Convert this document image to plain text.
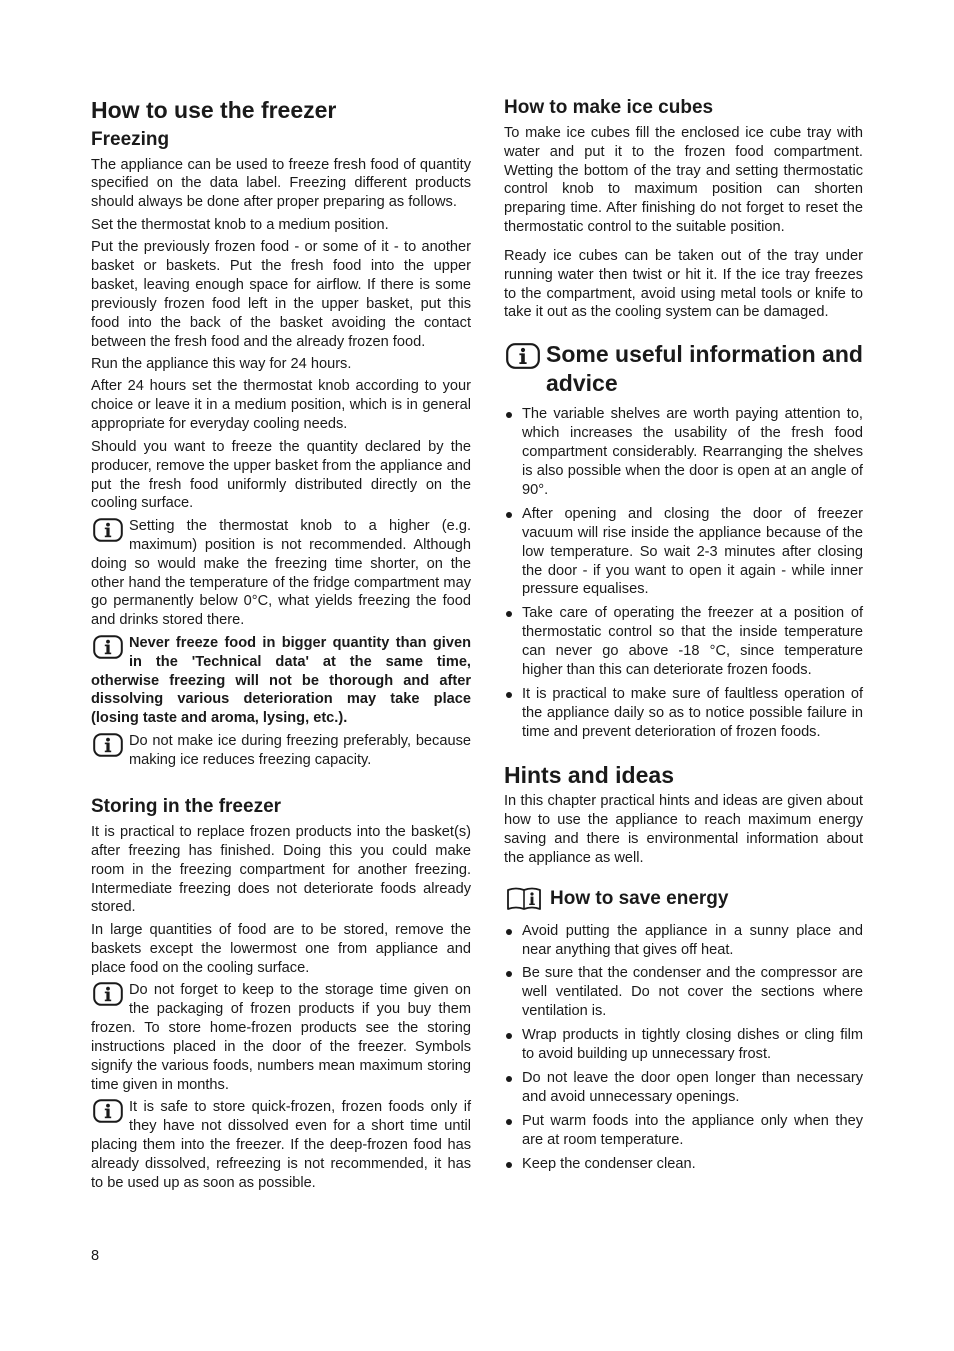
How to use the freezer
Freezing

The appliance can be used to freeze fresh food of quantity specified on the data label. Freezing different products should always be done after proper preparing as follows.

Set the thermostat knob to a medium position.

Put the previously frozen food - or some of it - to another basket or baskets. Put the fresh food into the upper basket, leaving enough space for airflow. If there is some previously frozen food left in the upper basket, put this food into the back of the basket avoiding the contact between the fresh food and the already frozen food.

Run the appliance this way for 24 hours.

After 24 hours set the thermostat knob according to your choice or leave it in a medium position, which is in general appropriate for everyday cooling needs.

Should you want to freeze the quantity declared by the producer, remove the upper basket from the appliance and put the fresh food uniformly distributed directly on the cooling surface.

Setting the thermostat knob to a higher (e.g. maximum) position is not recommended. Although doing so would make the freezing time shorter, on the other hand the temperature of the fridge compartment may go permanently below 0°C, what yields freezing the food and drinks stored there.

Never freeze food in bigger quantity than given in the 'Technical data' at the same time, otherwise freezing will not be thorough and after dissolving various deterioration may take place (losing taste and aroma, lysing, etc.).

Do not make ice during freezing preferably, because making ice reduces freezing capacity.

Storing in the freezer

It is practical to replace frozen products into the basket(s) after freezing has finished. Doing this you could make room in the freezing compartment for another freezing. Intermediate freezing does not deteriorate foods already stored.

In large quantities of food are to be stored, remove the baskets except the lowermost one from appliance and place food on the cooling surface.

Do not forget to keep to the storage time given on the packaging of frozen products if you buy them frozen. To store home-frozen products see the storing instructions placed in the door of the freezer. Symbols signify the various foods, numbers mean maximum storing time given in months.

It is safe to store quick-frozen, frozen foods only if they have not dissolved even for a short time until placing them into the freezer. If the deep-frozen food has already dissolved, refreezing is not recommended, it has to be used up as soon as possible.

How to make ice cubes

To make ice cubes fill the enclosed ice cube tray with water and put it to the frozen food compartment. Wetting the bottom of the tray and setting thermostatic control knob to maximum position can shorten preparing time. After finishing do not forget to reset the thermostatic control to the suitable position.

Ready ice cubes can be taken out of the tray under running water then twist or hit it. If the ice tray freezes to the compartment, avoid using metal tools or knife to take it out as the cooling system can be damaged.

Some useful information and advice
The variable shelves are worth paying attention to, which increases the usability of the fresh food compartment considerably. Rearranging the shelves is also possible when the door is open at an angle of 90°.
After opening and closing the door of freezer vacuum will rise inside the appliance because of the low temperature. So wait 2-3 minutes after closing the door - if you want to open it again - while inner pressure equalises.
Take care of operating the freezer at a position of thermostatic control so that the inside temperature can never go above -18 °C, since temperature higher than this can deteriorate frozen foods.
It is practical to make sure of faultless operation of the appliance daily so as to notice possible failure in time and prevent deterioration of frozen foods.
Hints and ideas

In this chapter practical hints and ideas are given about how to use the appliance to reach maximum energy saving and there is environmental information about the appliance as well.

How to save energy
Avoid putting the appliance in a sunny place and near anything that gives off heat.
Be sure that the condenser and the compressor are well ventilated. Do not cover the sections where ventilation is.
Wrap products in tightly closing dishes or cling film to avoid building up unnecessary frost.
Do not leave the door open longer than necessary and avoid unnecessary openings.
Put warm foods into the appliance only when they are at room temperature.
Keep the condenser clean.
8
